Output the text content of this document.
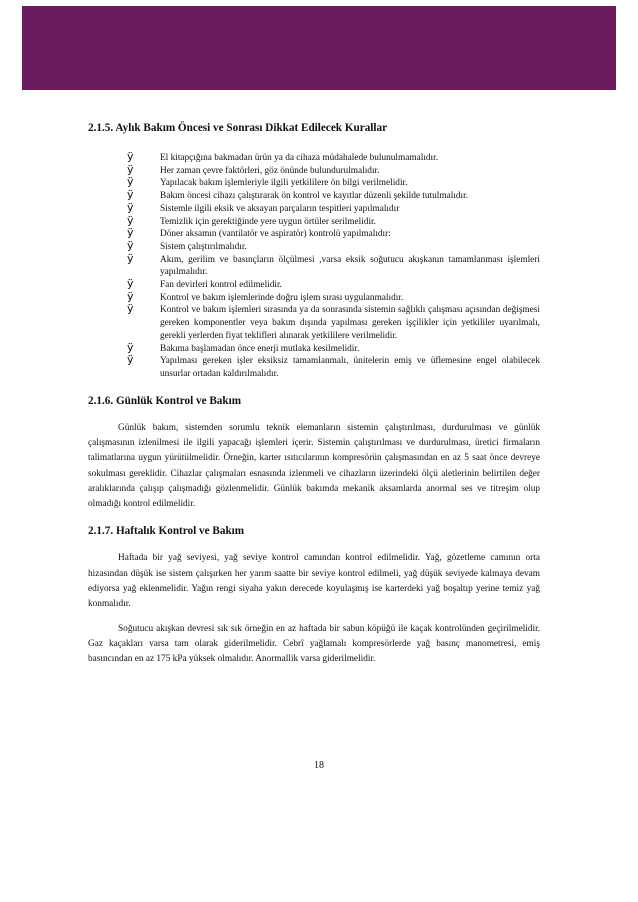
2.1.5. Aylık Bakım Öncesi ve Sonrası Dikkat Edilecek Kurallar
ÿ	El kitapçığına bakmadan ürün ya da cihaza müdahalede bulunulmamalıdır.
ÿ	Her zaman çevre faktörleri, göz önünde bulundurulmalıdır.
ÿ	Yapılacak bakım işlemleriyle ilgili yetkililere ön bilgi verilmelidir.
ÿ	Bakım öncesi cihazı çalıştırarak ön kontrol ve kayıtlar düzenli şekilde tutulmalıdır.
ÿ	Sistemle ilgili eksik ve aksayan parçaların tespitleri yapılmalıdır
ÿ	Temizlik için gerektiğinde yere uygun örtüler serilmelidir.
ÿ	Döner aksamın (vantilatör ve aspiratör) kontrolü yapılmalıdır:
ÿ	Sistem çalıştırılmalıdır.
ÿ	Akım, gerilim ve basınçların ölçülmesi ,varsa eksik soğutucu akışkanın tamamlanması işlemleri yapılmalıdır.
ÿ	Fan devirleri kontrol edilmelidir.
ÿ	Kontrol ve bakım işlemlerinde doğru işlem sırası uygulanmalıdır.
ÿ	Kontrol ve bakım işlemleri sırasında ya da sonrasında sistemin sağlıklı çalışması açısından değişmesi gereken komponentler veya bakım dışında yapılması gereken işçilikler için yetkililer uyarılmalı, gerekli yerlerden fiyat teklifleri alınarak yetkililere verilmelidir.
ÿ	Bakıma başlamadan önce enerji mutlaka kesilmelidir.
ÿ	Yapılması gereken işler eksiksiz tamamlanmalı, ünitelerin emiş ve üflemesine engel olabilecek unsurlar ortadan kaldırılmalıdır.
2.1.6. Günlük Kontrol ve Bakım

Günlük bakım, sistemden sorumlu teknik elemanların sistemin çalıştırılması, durdurulması ve günlük çalışmasının izlenilmesi ile ilgili yapacağı işlemleri içerir. Sistemin çalıştırılması ve durdurulması, üretici firmaların talimatlarına uygun yürütülmelidir. Örneğin, karter ısıtıcılarının kompresörün çalışmasından en az 5 saat önce devreye sokulması gereklidir. Cihazlar çalışmaları esnasında izlenmeli ve cihazların üzerindeki ölçü aletlerinin belirtilen değer aralıklarında çalışıp çalışmadığı gözlenmelidir. Günlük bakımda mekanik aksamlarda anormal ses ve titreşim olup olmadığı kontrol edilmelidir.

2.1.7. Haftalık Kontrol ve Bakım

Haftada bir yağ seviyesi, yağ seviye kontrol camından kontrol edilmelidir. Yağ, gözetleme camının orta hizasından düşük ise sistem çalışırken her yarım saatte bir seviye kontrol edilmeli, yağ düşük seviyede kalmaya devam ediyorsa yağ eklenmelidir. Yağın rengi siyaha yakın derecede koyulaşmış ise karterdeki yağ boşaltıp yerine temiz yağ konmalıdır.

Soğutucu akışkan devresi sık sık örneğin en az haftada bir sabun köpüğü ile kaçak kontrolünden geçirilmelidir. Gaz kaçakları varsa tam olarak giderilmelidir. Cebrî yağlamalı kompresörlerde yağ basınç manometresi, emiş basıncından en az 175 kPa yüksek olmalıdır. Anormallik varsa giderilmelidir.

18
